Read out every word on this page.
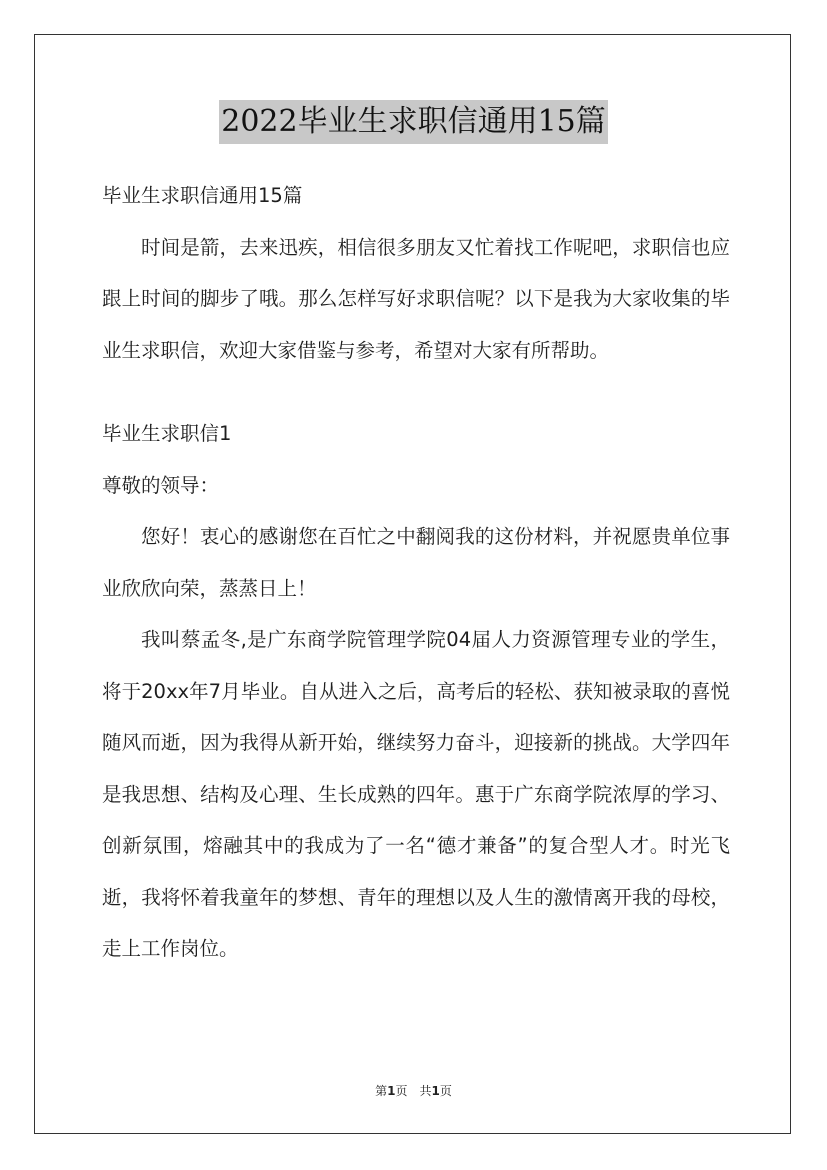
2022毕业生求职信通用15篇

毕业生求职信通用15篇

时间是箭，去来迅疾，相信很多朋友又忙着找工作呢吧，求职信也应跟上时间的脚步了哦。那么怎样写好求职信呢？以下是我为大家收集的毕业生求职信，欢迎大家借鉴与参考，希望对大家有所帮助。

毕业生求职信1

尊敬的领导：

您好！衷心的感谢您在百忙之中翻阅我的这份材料，并祝愿贵单位事业欣欣向荣，蒸蒸日上！

我叫蔡孟冬,是广东商学院管理学院04届人力资源管理专业的学生，将于20xx年7月毕业。自从进入之后，高考后的轻松、获知被录取的喜悦随风而逝，因为我得从新开始，继续努力奋斗，迎接新的挑战。大学四年是我思想、结构及心理、生长成熟的四年。惠于广东商学院浓厚的学习、创新氛围，熔融其中的我成为了一名“德才兼备”的复合型人才。时光飞逝，我将怀着我童年的梦想、青年的理想以及人生的激情离开我的母校，走上工作岗位。

第1页　共1页
